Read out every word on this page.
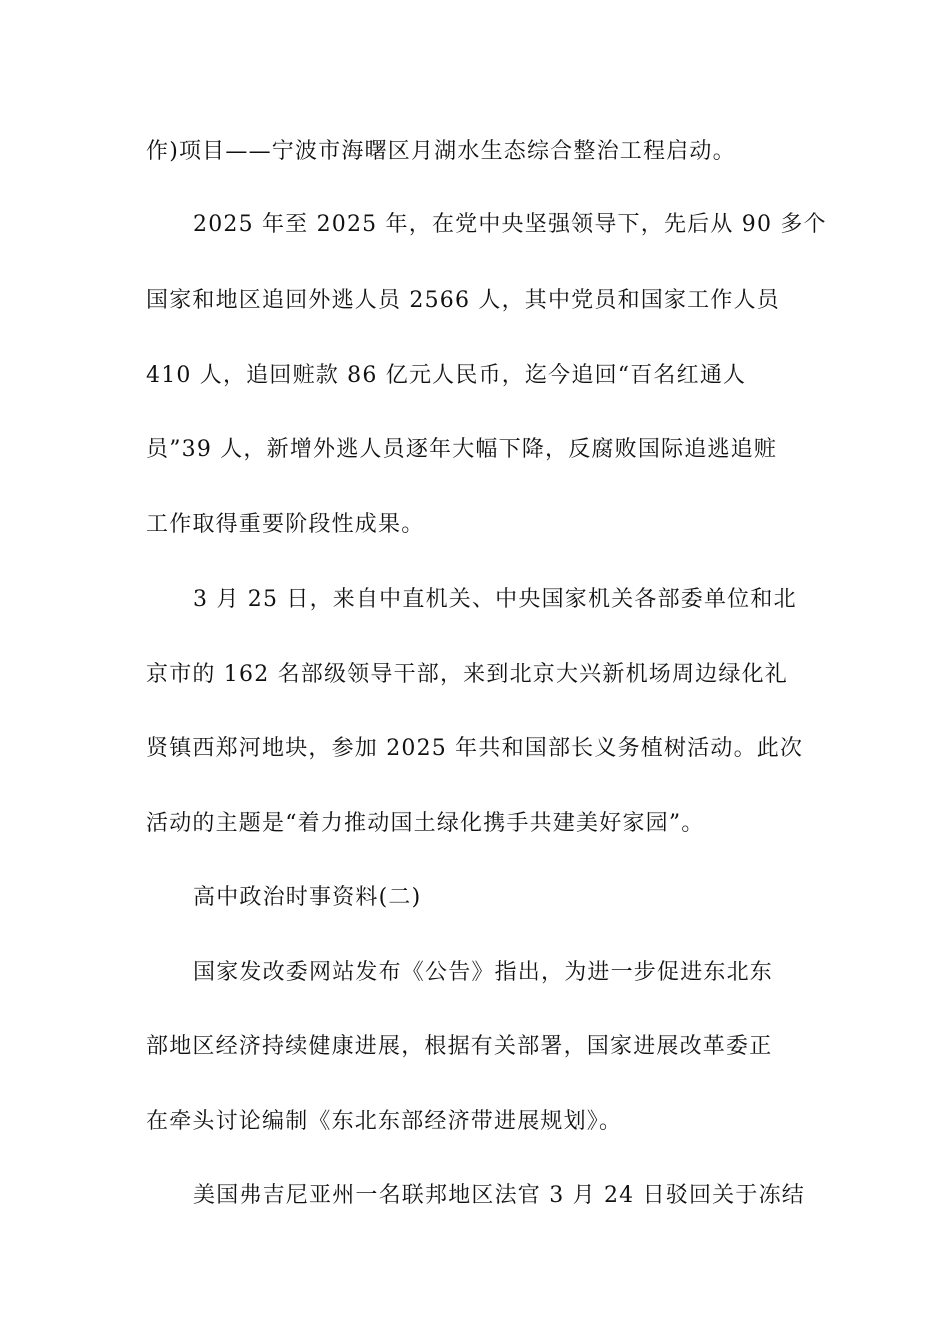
作)项目——宁波市海曙区月湖水生态综合整治工程启动。
2025 年至 2025 年，在党中央坚强领导下，先后从 90 多个
国家和地区追回外逃人员 2566 人，其中党员和国家工作人员
410 人，追回赃款 86 亿元人民币，迄今追回“百名红通人
员”39 人，新增外逃人员逐年大幅下降，反腐败国际追逃追赃
工作取得重要阶段性成果。
3 月 25 日，来自中直机关、中央国家机关各部委单位和北
京市的 162 名部级领导干部，来到北京大兴新机场周边绿化礼
贤镇西郑河地块，参加 2025 年共和国部长义务植树活动。此次
活动的主题是“着力推动国土绿化携手共建美好家园”。
高中政治时事资料(二)
国家发改委网站发布《公告》指出，为进一步促进东北东
部地区经济持续健康进展，根据有关部署，国家进展改革委正
在牵头讨论编制《东北东部经济带进展规划》。
美国弗吉尼亚州一名联邦地区法官 3 月 24 日驳回关于冻结
